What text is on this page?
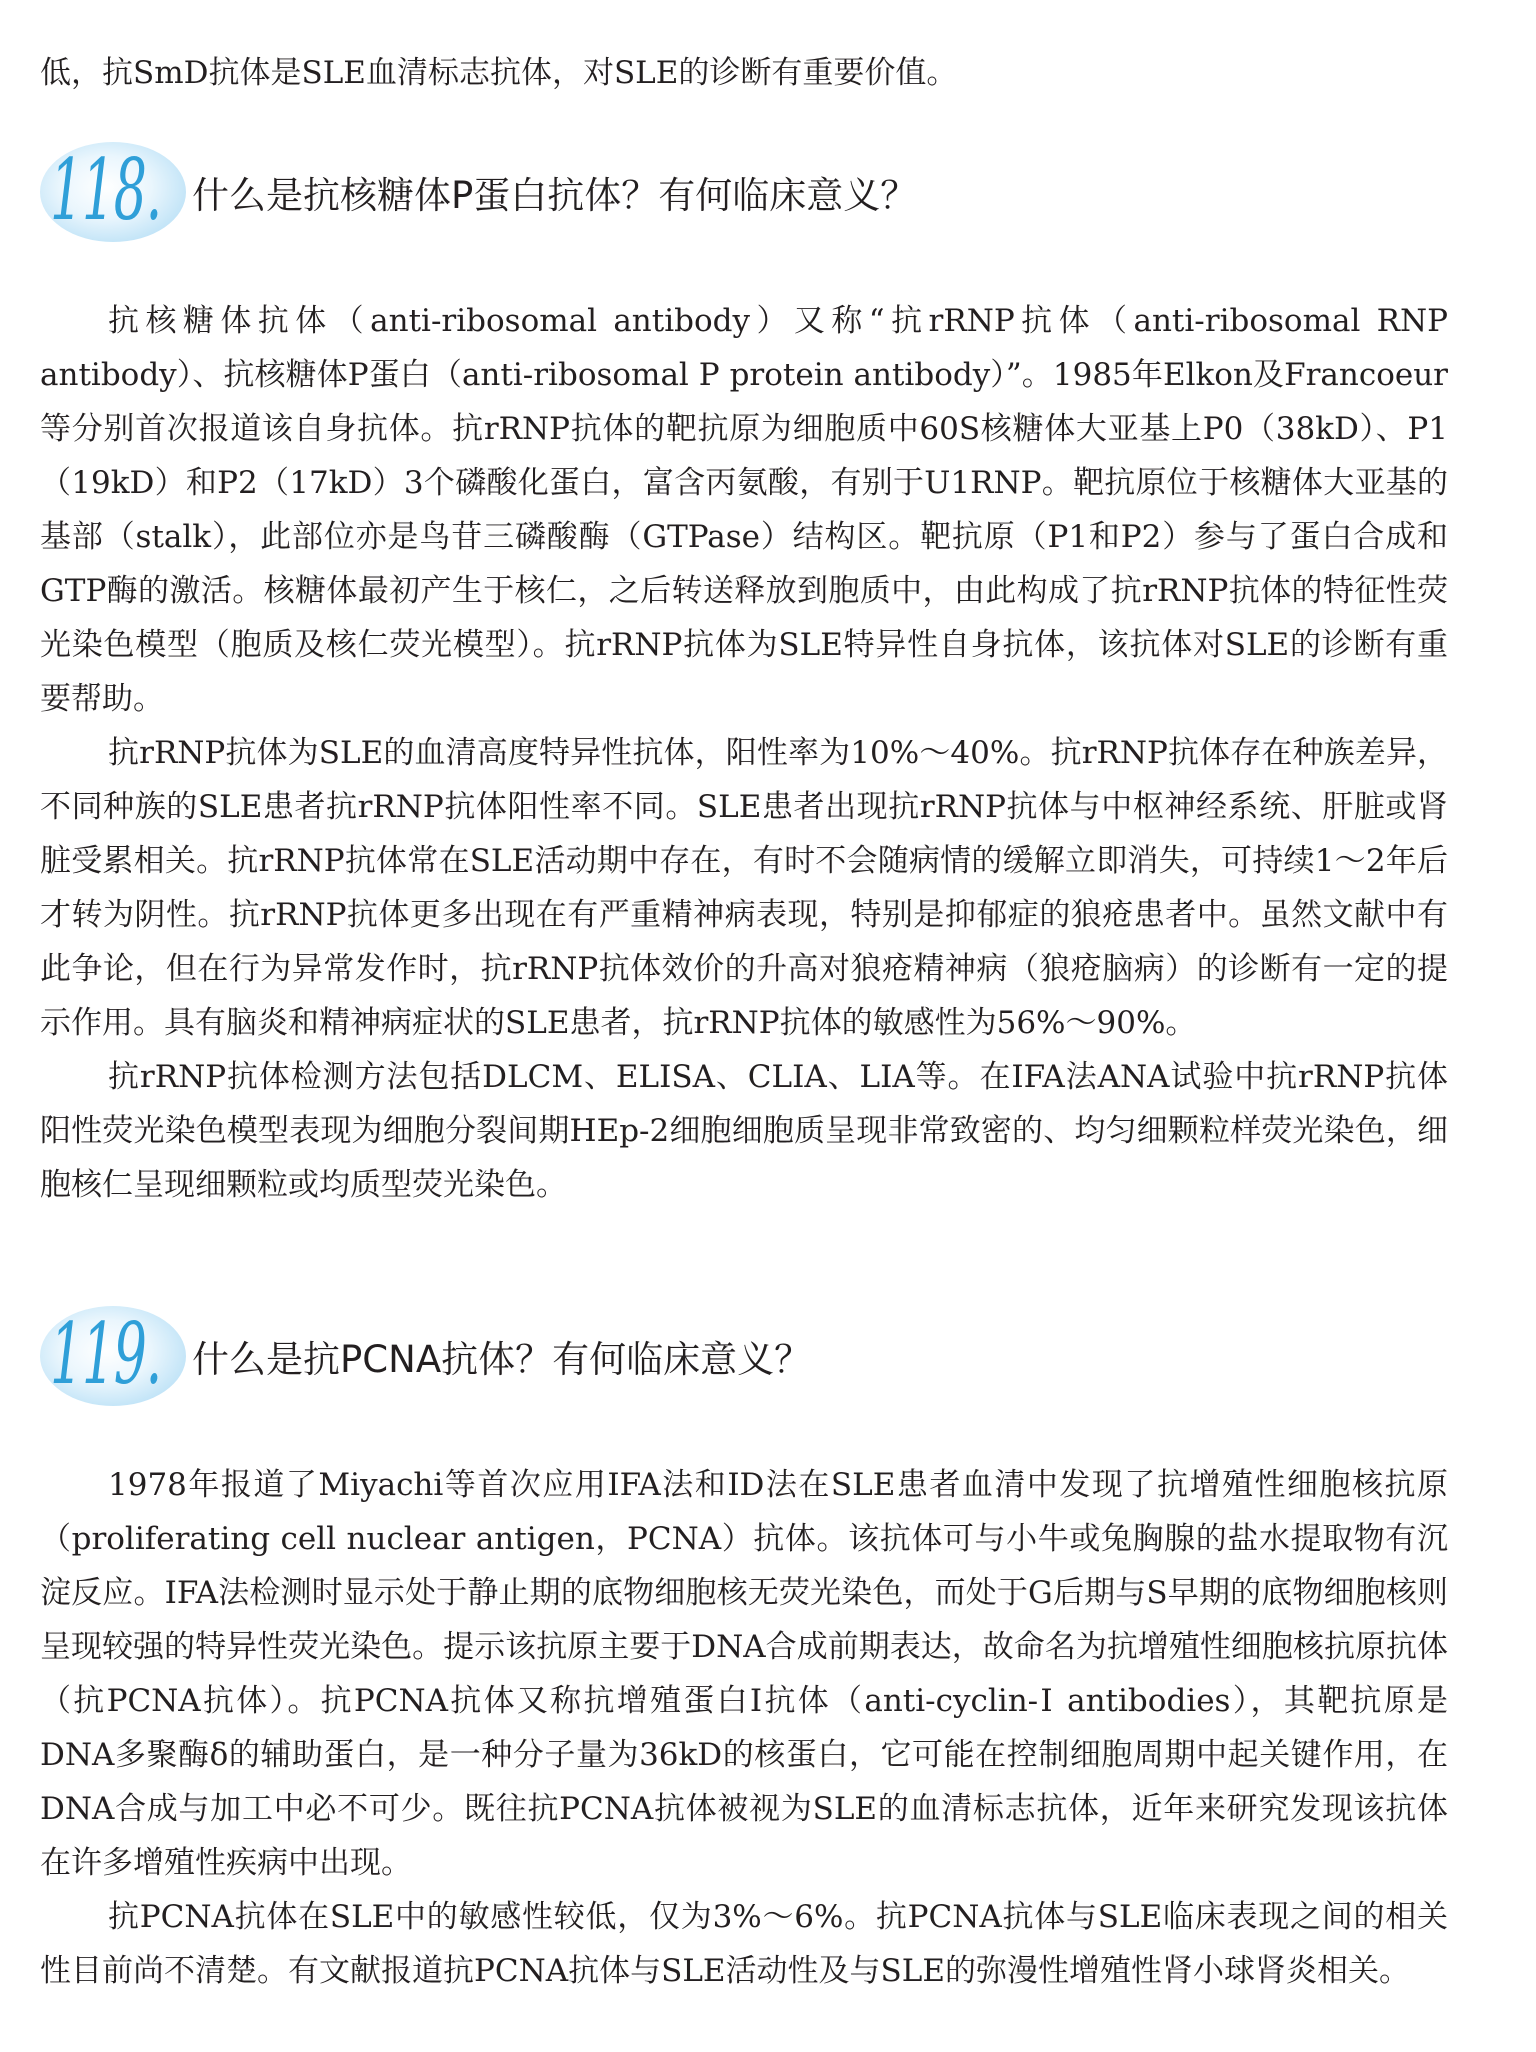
低，抗SmD抗体是SLE血清标志抗体，对SLE的诊断有重要价值。

118. 什么是抗核糖体P蛋白抗体？有何临床意义？

抗核糖体抗体（anti-ribosomal antibody）又称“抗rRNP抗体（anti-ribosomal RNP antibody）、抗核糖体P蛋白（anti-ribosomal P protein antibody）”。1985年Elkon及Francoeur等分别首次报道该自身抗体。抗rRNP抗体的靶抗原为细胞质中60S核糖体大亚基上P0（38kD）、P1（19kD）和P2（17kD）3个磷酸化蛋白，富含丙氨酸，有别于U1RNP。靶抗原位于核糖体大亚基的基部（stalk），此部位亦是鸟苷三磷酸酶（GTPase）结构区。靶抗原（P1和P2）参与了蛋白合成和GTP酶的激活。核糖体最初产生于核仁，之后转送释放到胞质中，由此构成了抗rRNP抗体的特征性荧光染色模型（胞质及核仁荧光模型）。抗rRNP抗体为SLE特异性自身抗体，该抗体对SLE的诊断有重要帮助。

抗rRNP抗体为SLE的血清高度特异性抗体，阳性率为10%～40%。抗rRNP抗体存在种族差异，不同种族的SLE患者抗rRNP抗体阳性率不同。SLE患者出现抗rRNP抗体与中枢神经系统、肝脏或肾脏受累相关。抗rRNP抗体常在SLE活动期中存在，有时不会随病情的缓解立即消失，可持续1～2年后才转为阴性。抗rRNP抗体更多出现在有严重精神病表现，特别是抑郁症的狼疮患者中。虽然文献中有此争论，但在行为异常发作时，抗rRNP抗体效价的升高对狼疮精神病（狼疮脑病）的诊断有一定的提示作用。具有脑炎和精神病症状的SLE患者，抗rRNP抗体的敏感性为56%～90%。

抗rRNP抗体检测方法包括DLCM、ELISA、CLIA、LIA等。在IFA法ANA试验中抗rRNP抗体阳性荧光染色模型表现为细胞分裂间期HEp-2细胞细胞质呈现非常致密的、均匀细颗粒样荧光染色，细胞核仁呈现细颗粒或均质型荧光染色。

119. 什么是抗PCNA抗体？有何临床意义？

1978年报道了Miyachi等首次应用IFA法和ID法在SLE患者血清中发现了抗增殖性细胞核抗原（proliferating cell nuclear antigen，PCNA）抗体。该抗体可与小牛或兔胸腺的盐水提取物有沉淀反应。IFA法检测时显示处于静止期的底物细胞核无荧光染色，而处于G后期与S早期的底物细胞核则呈现较强的特异性荧光染色。提示该抗原主要于DNA合成前期表达，故命名为抗增殖性细胞核抗原抗体（抗PCNA抗体）。抗PCNA抗体又称抗增殖蛋白Ⅰ抗体（anti-cyclin-Ⅰ antibodies），其靶抗原是DNA多聚酶δ的辅助蛋白，是一种分子量为36kD的核蛋白，它可能在控制细胞周期中起关键作用，在DNA合成与加工中必不可少。既往抗PCNA抗体被视为SLE的血清标志抗体，近年来研究发现该抗体在许多增殖性疾病中出现。

抗PCNA抗体在SLE中的敏感性较低，仅为3%～6%。抗PCNA抗体与SLE临床表现之间的相关性目前尚不清楚。有文献报道抗PCNA抗体与SLE活动性及与SLE的弥漫性增殖性肾小球肾炎相关。
